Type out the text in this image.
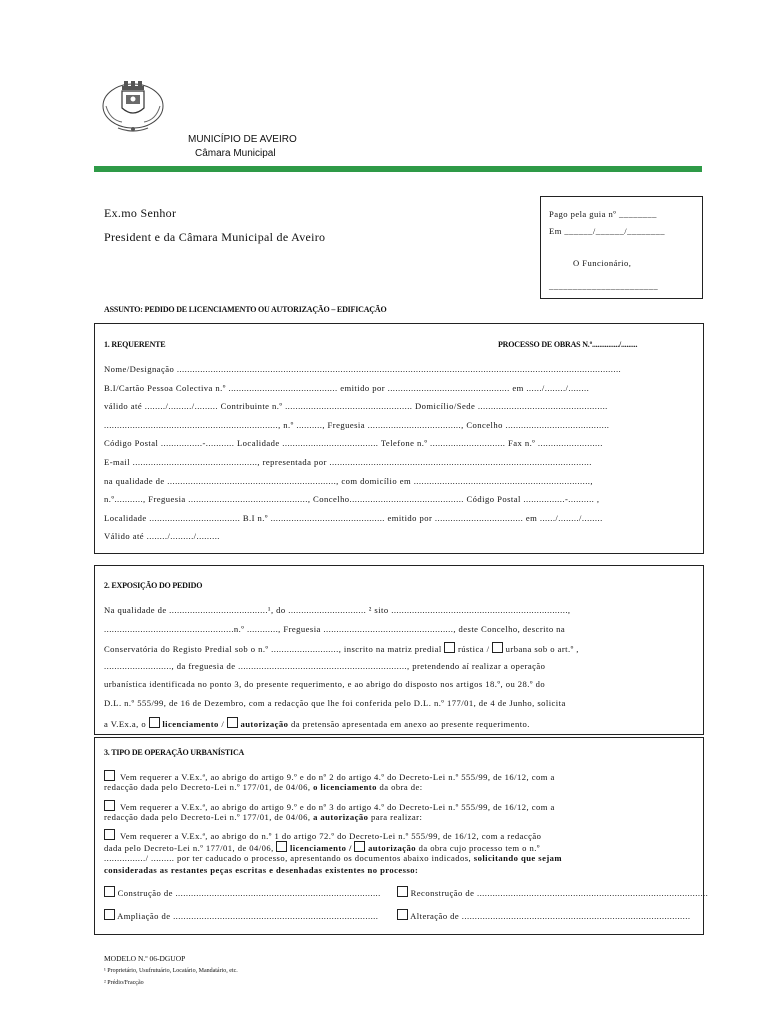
MUNICÍPIO DE AVEIRO
Câmara Municipal
Ex.mo Senhor
President e da Câmara Municipal de Aveiro
Pago pela guia nº ________
Em ______/______/________
O Funcionário,
_______________________
ASSUNTO: PEDIDO DE LICENCIAMENTO OU AUTORIZAÇÃO – EDIFICAÇÃO
1. REQUERENTE	PROCESSO DE OBRAS N.º.............../.........
Nome/Designação ...........................................................................................................................................................................
B.I/Cartão Pessoa Colectiva n.º .......................................... emitido por ............................................... em ....../......../........
válido até ......../........./......... Contribuinte n.º ................................................. Domicílio/Sede ..................................................
..................................................................., n.º .........., Freguesia ...................................., Concelho ........................................
Código Postal ................-........... Localidade ..................................... Telefone n.º ............................. Fax n.º .........................
E-mail ................................................, representada por .....................................................................................................
na qualidade de ................................................................., com domicílio em ....................................................................,
n.º..........., Freguesia .............................................., Concelho............................................ Código Postal ................-.......... ,
Localidade ................................... B.I n.º ............................................ emitido por .................................. em ....../......../........
Válido até ......../........./.........
2. EXPOSIÇÃO DO PEDIDO
Na qualidade de ......................................¹, do .............................. ² sito ....................................................................,
..................................................n.º ............, Freguesia .................................................., deste Concelho, descrito na
Conservatória do Registo Predial sob o n.º .........................., inscrito na matriz predial rústica / urbana sob o art.º ,
.........................., da freguesia de ................................................................., pretendendo aí realizar a operação
urbanística identificada no ponto 3, do presente requerimento, e ao abrigo do disposto nos artigos 18.º, ou 28.º do
D.L. n.º 555/99, de 16 de Dezembro, com a redacção que lhe foi conferida pelo D.L. n.º 177/01, de 4 de Junho, solicita
a V.Ex.a, o licenciamento / autorização da pretensão apresentada em anexo ao presente requerimento.
3. TIPO DE OPERAÇÃO URBANÍSTICA
Vem requerer a V.Ex.ª, ao abrigo do artigo 9.º e do nº 2 do artigo 4.º do Decreto-Lei n.º 555/99, de 16/12, com a
redacção dada pelo Decreto-Lei n.º 177/01, de 04/06, o licenciamento da obra de:
Vem requerer a V.Ex.ª, ao abrigo do artigo 9.º e do nº 3 do artigo 4.º do Decreto-Lei n.º 555/99, de 16/12, com a
redacção dada pelo Decreto-Lei n.º 177/01, de 04/06, a autorização para realizar:
Vem requerer a V.Ex.ª, ao abrigo do n.º 1 do artigo 72.º do Decreto-Lei n.º 555/99, de 16/12, com a redacção
dada pelo Decreto-Lei n.º 177/01, de 04/06, licenciamento / autorização da obra cujo processo tem o n.º
................/ ......... por ter caducado o processo, apresentando os documentos abaixo indicados, solicitando que sejam
consideradas as restantes peças escritas e desenhadas existentes no processo:
Construção de ...............................................................................	Reconstrução de .........................................................................................
Ampliação de ...............................................................................	Alteração de ........................................................................................
MODELO N.º 06-DGUOP
¹ Proprietário, Usufrutuário, Locatário, Mandatário, etc.
² Prédio/Fracção
